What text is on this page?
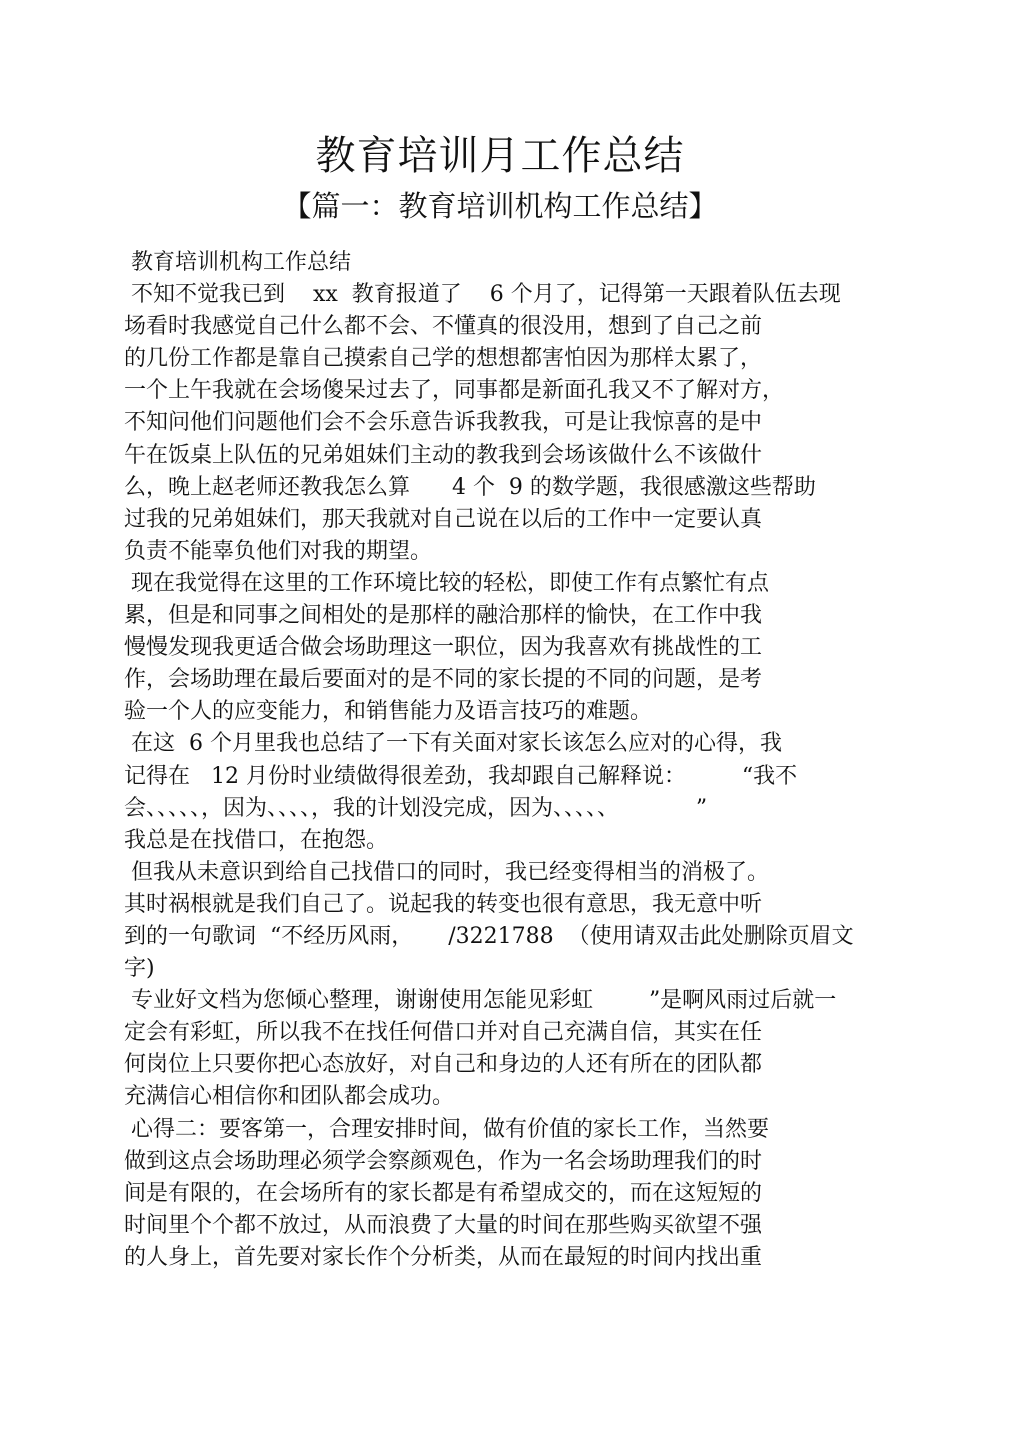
教育培训月工作总结
【篇一：教育培训机构工作总结】
教育培训机构工作总结
不知不觉我已到    xx  教育报道了    6 个月了，记得第一天跟着队伍去现
场看时我感觉自己什么都不会、不懂真的很没用，想到了自己之前
的几份工作都是靠自己摸索自己学的想想都害怕因为那样太累了，
一个上午我就在会场傻呆过去了，同事都是新面孔我又不了解对方，
不知问他们问题他们会不会乐意告诉我教我，可是让我惊喜的是中
午在饭桌上队伍的兄弟姐妹们主动的教我到会场该做什么不该做什
么，晚上赵老师还教我怎么算      4 个  9 的数学题，我很感激这些帮助
过我的兄弟姐妹们，那天我就对自己说在以后的工作中一定要认真
负责不能辜负他们对我的期望。
现在我觉得在这里的工作环境比较的轻松，即使工作有点繁忙有点
累，但是和同事之间相处的是那样的融洽那样的愉快，在工作中我
慢慢发现我更适合做会场助理这一职位，因为我喜欢有挑战性的工
作，会场助理在最后要面对的是不同的家长提的不同的问题，是考
验一个人的应变能力，和销售能力及语言技巧的难题。
在这  6 个月里我也总结了一下有关面对家长该怎么应对的心得，我
记得在   12 月份时业绩做得很差劲，我却跟自己解释说：        “我不
会、、、、、，因为、、、、，我的计划没完成，因为、、、、、           ”
我总是在找借口，在抱怨。
但我从未意识到给自己找借口的同时，我已经变得相当的消极了。
其时祸根就是我们自己了。说起我的转变也很有意思，我无意中听
到的一句歌词  “不经历风雨，     /3221788  （使用请双击此处删除页眉文
字)
专业好文档为您倾心整理，谢谢使用怎能见彩虹        ”是啊风雨过后就一
定会有彩虹，所以我不在找任何借口并对自己充满自信，其实在任
何岗位上只要你把心态放好，对自己和身边的人还有所在的团队都
充满信心相信你和团队都会成功。
心得二：要客第一，合理安排时间，做有价值的家长工作，当然要
做到这点会场助理必须学会察颜观色，作为一名会场助理我们的时
间是有限的，在会场所有的家长都是有希望成交的，而在这短短的
时间里个个都不放过，从而浪费了大量的时间在那些购买欲望不强
的人身上，首先要对家长作个分析类，从而在最短的时间内找出重
